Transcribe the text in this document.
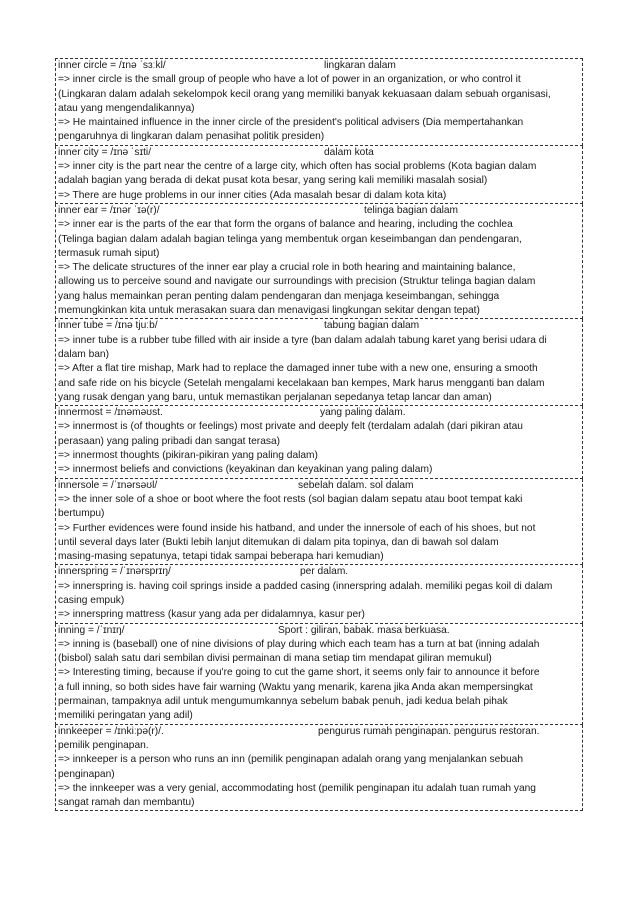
inner circle = /ɪnə ˈsɜːkl/	lingkaran dalam
=> inner circle is the small group of people who have a lot of power in an organization, or who control it
(Lingkaran dalam adalah sekelompok kecil orang yang memiliki banyak kekuasaan dalam sebuah organisasi,
atau yang mengendalikannya)
=> He maintained influence in the inner circle of the president's political advisers (Dia mempertahankan
pengaruhnya di lingkaran dalam penasihat politik presiden)
inner city = /ɪnə ˈsɪti/	dalam kota
=> inner city is the part near the centre of a large city, which often has social problems (Kota bagian dalam
adalah bagian yang berada di dekat pusat kota besar, yang sering kali memiliki masalah sosial)
=> There are huge problems in our inner cities (Ada masalah besar di dalam kota kita)
inner ear = /ɪnər ˈɪə(r)/	telinga bagian dalam
=> inner ear is the parts of the ear that form the organs of balance and hearing, including the cochlea
(Telinga bagian dalam adalah bagian telinga yang membentuk organ keseimbangan dan pendengaran,
termasuk rumah siput)
=> The delicate structures of the inner ear play a crucial role in both hearing and maintaining balance,
allowing us to perceive sound and navigate our surroundings with precision (Struktur telinga bagian dalam
yang halus memainkan peran penting dalam pendengaran dan menjaga keseimbangan, sehingga
memungkinkan kita untuk merasakan suara dan menavigasi lingkungan sekitar dengan tepat)
inner tube = /ɪnə tjuːb/	tabung bagian dalam
=> inner tube is a rubber tube filled with air inside a tyre (ban dalam adalah tabung karet yang berisi udara di
dalam ban)
=> After a flat tire mishap, Mark had to replace the damaged inner tube with a new one, ensuring a smooth
and safe ride on his bicycle (Setelah mengalami kecelakaan ban kempes, Mark harus mengganti ban dalam
yang rusak dengan yang baru, untuk memastikan perjalanan sepedanya tetap lancar dan aman)
innermost = /ɪnəməʊst.	yang paling dalam.
=> innermost is (of thoughts or feelings) most private and deeply felt (terdalam adalah (dari pikiran atau
perasaan) yang paling pribadi dan sangat terasa)
=> innermost thoughts (pikiran-pikiran yang paling dalam)
=> innermost beliefs and convictions (keyakinan dan keyakinan yang paling dalam)
innersole = /ˈɪnərsəʊl/	sebelah dalam. sol dalam
=> the inner sole of a shoe or boot where the foot rests (sol bagian dalam sepatu atau boot tempat kaki
bertumpu)
=> Further evidences were found inside his hatband, and under the innersole of each of his shoes, but not
until several days later (Bukti lebih lanjut ditemukan di dalam pita topinya, dan di bawah sol dalam
masing-masing sepatunya, tetapi tidak sampai beberapa hari kemudian)
innerspring = /ˈɪnərsprɪŋ/	per dalam.
=> innerspring is. having coil springs inside a padded casing (innerspring adalah. memiliki pegas koil di dalam
casing empuk)
=> innerspring mattress (kasur yang ada per didalamnya, kasur per)
inning = /ˈɪnɪŋ/	Sport : giliran, babak. masa berkuasa.
=> inning is (baseball) one of nine divisions of play during which each team has a turn at bat (inning adalah
(bisbol) salah satu dari sembilan divisi permainan di mana setiap tim mendapat giliran memukul)
=> Interesting timing, because if you're going to cut the game short, it seems only fair to announce it before
a full inning, so both sides have fair warning (Waktu yang menarik, karena jika Anda akan mempersingkat
permainan, tampaknya adil untuk mengumumkannya sebelum babak penuh, jadi kedua belah pihak
memiliki peringatan yang adil)
innkeeper = /ɪnkiːpə(r)/.	pengurus rumah penginapan. pengurus restoran.
pemilik penginapan.
=> innkeeper is a person who runs an inn (pemilik penginapan adalah orang yang menjalankan sebuah
penginapan)
=> the innkeeper was a very genial, accommodating host (pemilik penginapan itu adalah tuan rumah yang
sangat ramah dan membantu)
